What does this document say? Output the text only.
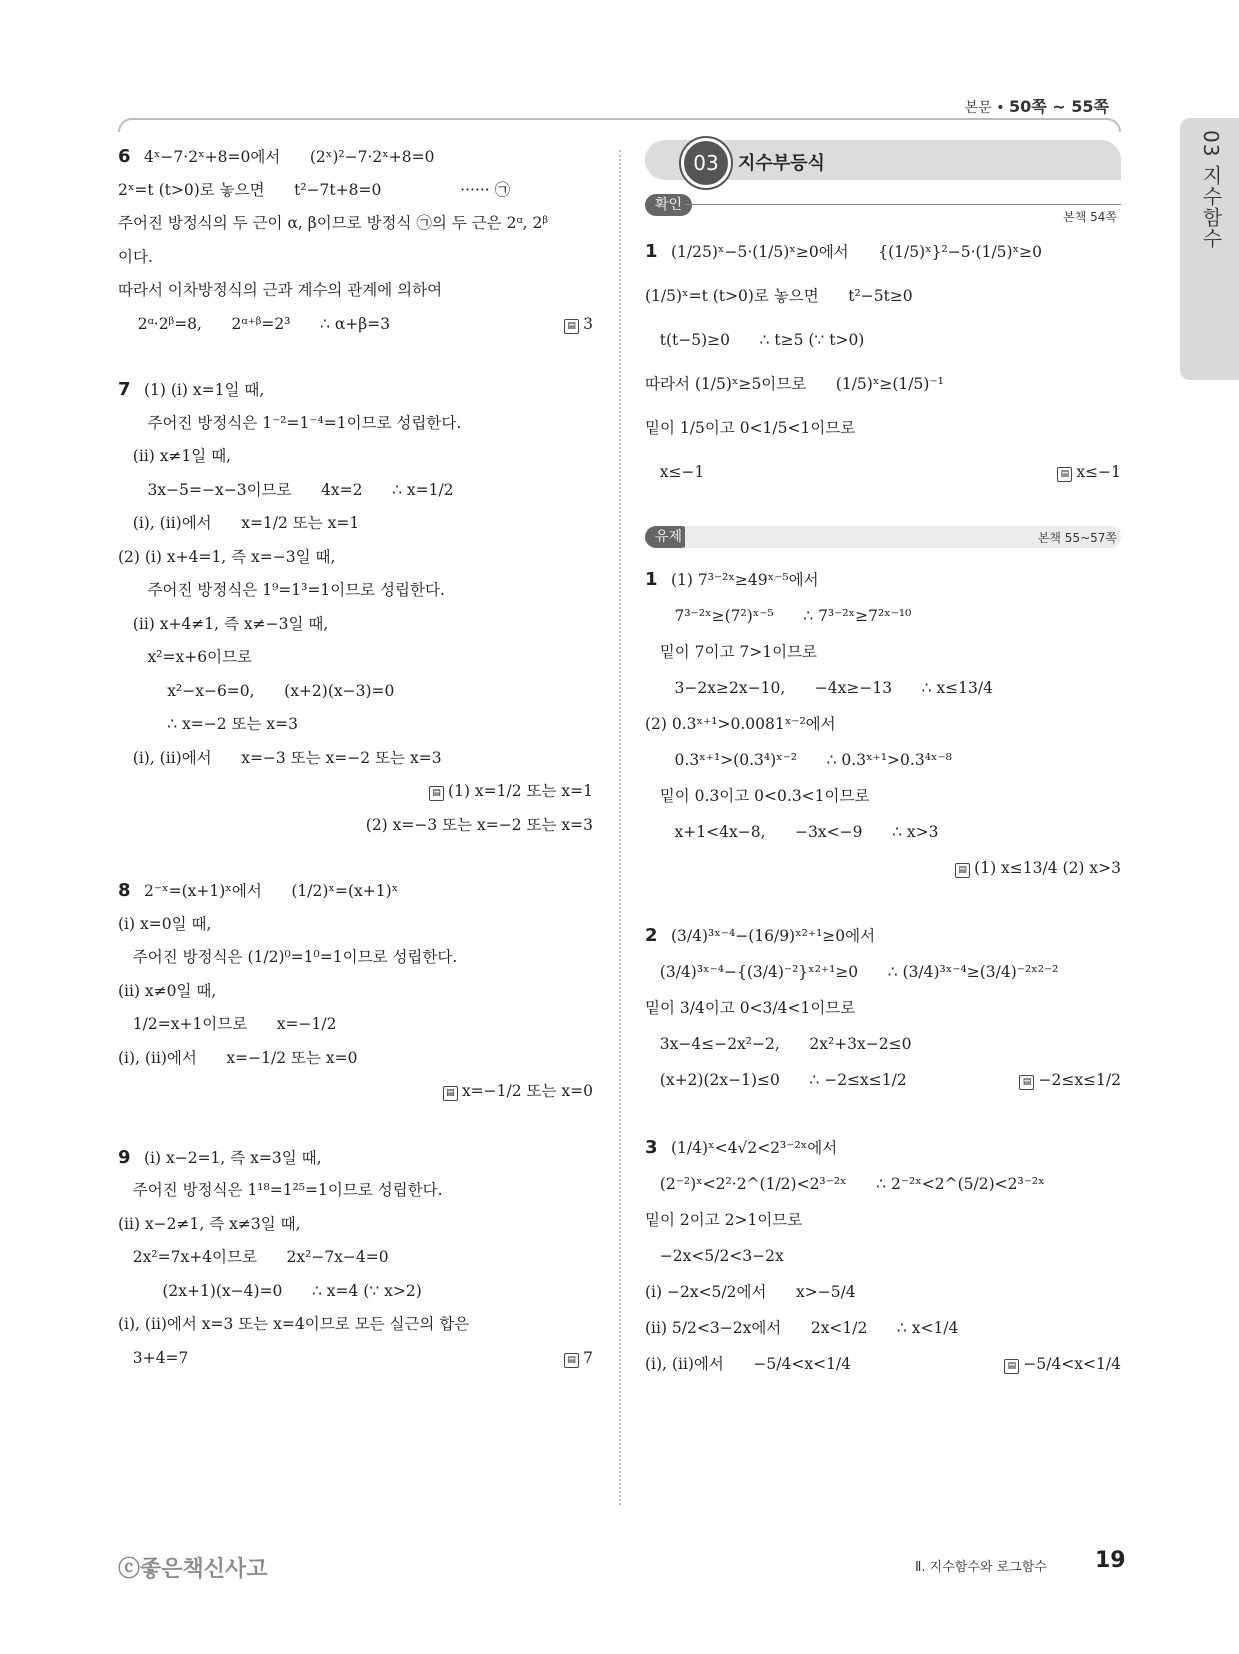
본문 • 50쪽 ~ 55쪽
03 지수함수
6 4ˣ−7·2ˣ+8=0에서      (2ˣ)²−7·2ˣ+8=0
2ˣ=t (t>0)로 놓으면      t²−7t+8=0                ······ ㉠
주어진 방정식의 두 근이 α, β이므로 방정식 ㉠의 두 근은 2ᵅ, 2ᵝ
이다.
따라서 이차방정식의 근과 계수의 관계에 의하여
2ᵅ·2ᵝ=8,      2ᵅ⁺ᵝ=2³      ∴ α+β=3	▤ 3
7 (1) (ⅰ) x=1일 때,
주어진 방정식은 1⁻²=1⁻⁴=1이므로 성립한다.
(ⅱ) x≠1일 때,
3x−5=−x−3이므로      4x=2      ∴ x=1/2
(ⅰ), (ⅱ)에서      x=1/2 또는 x=1
(2) (ⅰ) x+4=1, 즉 x=−3일 때,
주어진 방정식은 1⁹=1³=1이므로 성립한다.
(ⅱ) x+4≠1, 즉 x≠−3일 때,
x²=x+6이므로
x²−x−6=0,      (x+2)(x−3)=0
∴ x=−2 또는 x=3
(ⅰ), (ⅱ)에서      x=−3 또는 x=−2 또는 x=3
▤ (1) x=1/2 또는 x=1
(2) x=−3 또는 x=−2 또는 x=3
8 2⁻ˣ=(x+1)ˣ에서      (1/2)ˣ=(x+1)ˣ
(ⅰ) x=0일 때,
주어진 방정식은 (1/2)⁰=1⁰=1이므로 성립한다.
(ⅱ) x≠0일 때,
1/2=x+1이므로      x=−1/2
(ⅰ), (ⅱ)에서      x=−1/2 또는 x=0
▤ x=−1/2 또는 x=0
9 (ⅰ) x−2=1, 즉 x=3일 때,
주어진 방정식은 1¹⁸=1²⁵=1이므로 성립한다.
(ⅱ) x−2≠1, 즉 x≠3일 때,
2x²=7x+4이므로      2x²−7x−4=0
(2x+1)(x−4)=0      ∴ x=4 (∵ x>2)
(ⅰ), (ⅱ)에서 x=3 또는 x=4이므로 모든 실근의 합은
3+4=7	▤ 7
03	지수부등식
확인
본책 54쪽
1 (1/25)ˣ−5·(1/5)ˣ≥0에서      {(1/5)ˣ}²−5·(1/5)ˣ≥0
(1/5)ˣ=t (t>0)로 놓으면      t²−5t≥0
t(t−5)≥0      ∴ t≥5 (∵ t>0)
따라서 (1/5)ˣ≥5이므로      (1/5)ˣ≥(1/5)⁻¹
밑이 1/5이고 0<1/5<1이므로
x≤−1	▤ x≤−1
유제	본책 55~57쪽
1 (1) 7³⁻²ˣ≥49ˣ⁻⁵에서
7³⁻²ˣ≥(7²)ˣ⁻⁵      ∴ 7³⁻²ˣ≥7²ˣ⁻¹⁰
밑이 7이고 7>1이므로
3−2x≥2x−10,      −4x≥−13      ∴ x≤13/4
(2) 0.3ˣ⁺¹>0.0081ˣ⁻²에서
0.3ˣ⁺¹>(0.3⁴)ˣ⁻²      ∴ 0.3ˣ⁺¹>0.3⁴ˣ⁻⁸
밑이 0.3이고 0<0.3<1이므로
x+1<4x−8,      −3x<−9      ∴ x>3
▤ (1) x≤13/4 (2) x>3
2 (3/4)³ˣ⁻⁴−(16/9)ˣ²⁺¹≥0에서
(3/4)³ˣ⁻⁴−{(3/4)⁻²}ˣ²⁺¹≥0      ∴ (3/4)³ˣ⁻⁴≥(3/4)⁻²ˣ²⁻²
밑이 3/4이고 0<3/4<1이므로
3x−4≤−2x²−2,      2x²+3x−2≤0
(x+2)(2x−1)≤0      ∴ −2≤x≤1/2	▤ −2≤x≤1/2
3 (1/4)ˣ<4√2<2³⁻²ˣ에서
(2⁻²)ˣ<2²·2^(1/2)<2³⁻²ˣ      ∴ 2⁻²ˣ<2^(5/2)<2³⁻²ˣ
밑이 2이고 2>1이므로
−2x<5/2<3−2x
(ⅰ) −2x<5/2에서      x>−5/4
(ⅱ) 5/2<3−2x에서      2x<1/2      ∴ x<1/4
(ⅰ), (ⅱ)에서      −5/4<x<1/4	▤ −5/4<x<1/4
ⓒ좋은책신사고	Ⅱ. 지수함수와 로그함수 19
